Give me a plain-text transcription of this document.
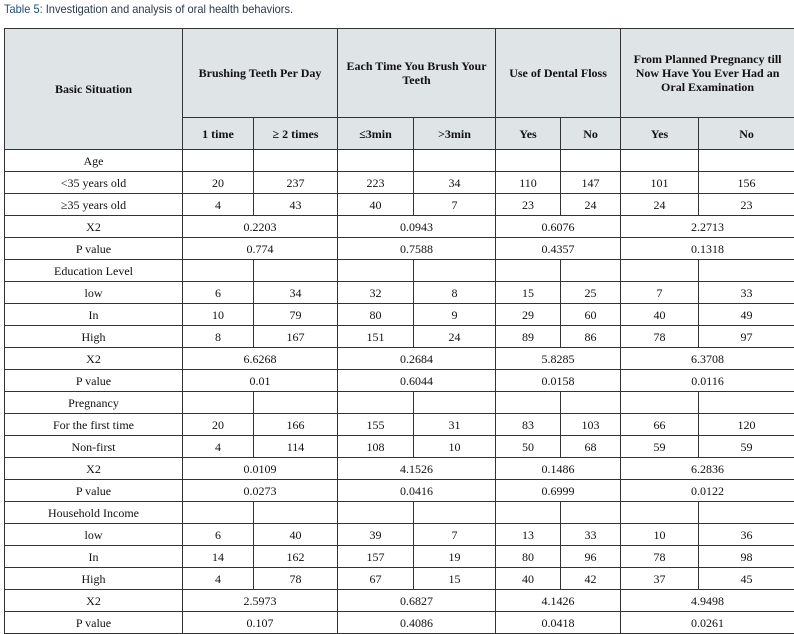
Table 5: Investigation and analysis of oral health behaviors.
Basic Situation	Brushing Teeth Per Day		Each Time You Brush Your Teeth		Use of Dental Floss		From Planned Pregnancy till Now Have You Ever Had an Oral Examination	
	1 time	≥ 2 times	≤3min	>3min	Yes	No	Yes	No
Age								
<35 years old	20	237	223	34	110	147	101	156
≥35 years old	4	43	40	7	23	24	24	23
X2	0.2203		0.0943		0.6076		2.2713	
P value	0.774		0.7588		0.4357		0.1318	
Education Level								
low	6	34	32	8	15	25	7	33
In	10	79	80	9	29	60	40	49
High	8	167	151	24	89	86	78	97
X2	6.6268		0.2684		5.8285		6.3708	
P value	0.01		0.6044		0.0158		0.0116	
Pregnancy								
For the first time	20	166	155	31	83	103	66	120
Non-first	4	114	108	10	50	68	59	59
X2	0.0109		4.1526		0.1486		6.2836	
P value	0.0273		0.0416		0.6999		0.0122	
Household Income								
low	6	40	39	7	13	33	10	36
In	14	162	157	19	80	96	78	98
High	4	78	67	15	40	42	37	45
X2	2.5973		0.6827		4.1426		4.9498	
P value	0.107		0.4086		0.0418		0.0261	
